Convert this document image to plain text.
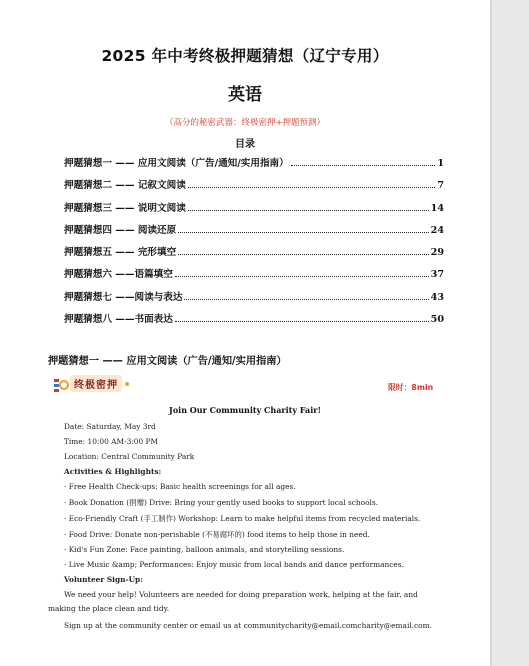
2025 年中考终极押题猜想（辽宁专用）
英语
（高分的秘密武器：终极密押+押题预测）
目录
押题猜想一 —— 应用文阅读（广告/通知/实用指南）	1
押题猜想二 —— 记叙文阅读	7
押题猜想三 —— 说明文阅读	14
押题猜想四 —— 阅读还原	24
押题猜想五 —— 完形填空	29
押题猜想六 ——语篇填空	37
押题猜想七 ——阅读与表达	43
押题猜想八 ——书面表达	50
押题猜想一 —— 应用文阅读（广告/通知/实用指南）
终极密押	限时：8min
Join Our Community Charity Fair!
Date: Saturday, May 3rd
Time: 10:00 AM-3:00 PM
Location: Central Community Park
Activities & Highlights:
· Free Health Check-ups: Basic health screenings for all ages.
· Book Donation (捐赠) Drive: Bring your gently used books to support local schools.
· Eco-Friendly Craft (手工制作) Workshop: Learn to make helpful items from recycled materials.
· Food Drive: Donate non-perishable (不易腐坏的) food items to help those in need.
· Kid's Fun Zone: Face painting, balloon animals, and storytelling sessions.
· Live Music &amp; Performances: Enjoy music from local bands and dance performances.
Volunteer Sign-Up:
We need your help! Volunteers are needed for doing preparation work, helping at the fair, and making the place clean and tidy.
Sign up at the community center or email us at communitycharity@email.comcharity@email.com.
